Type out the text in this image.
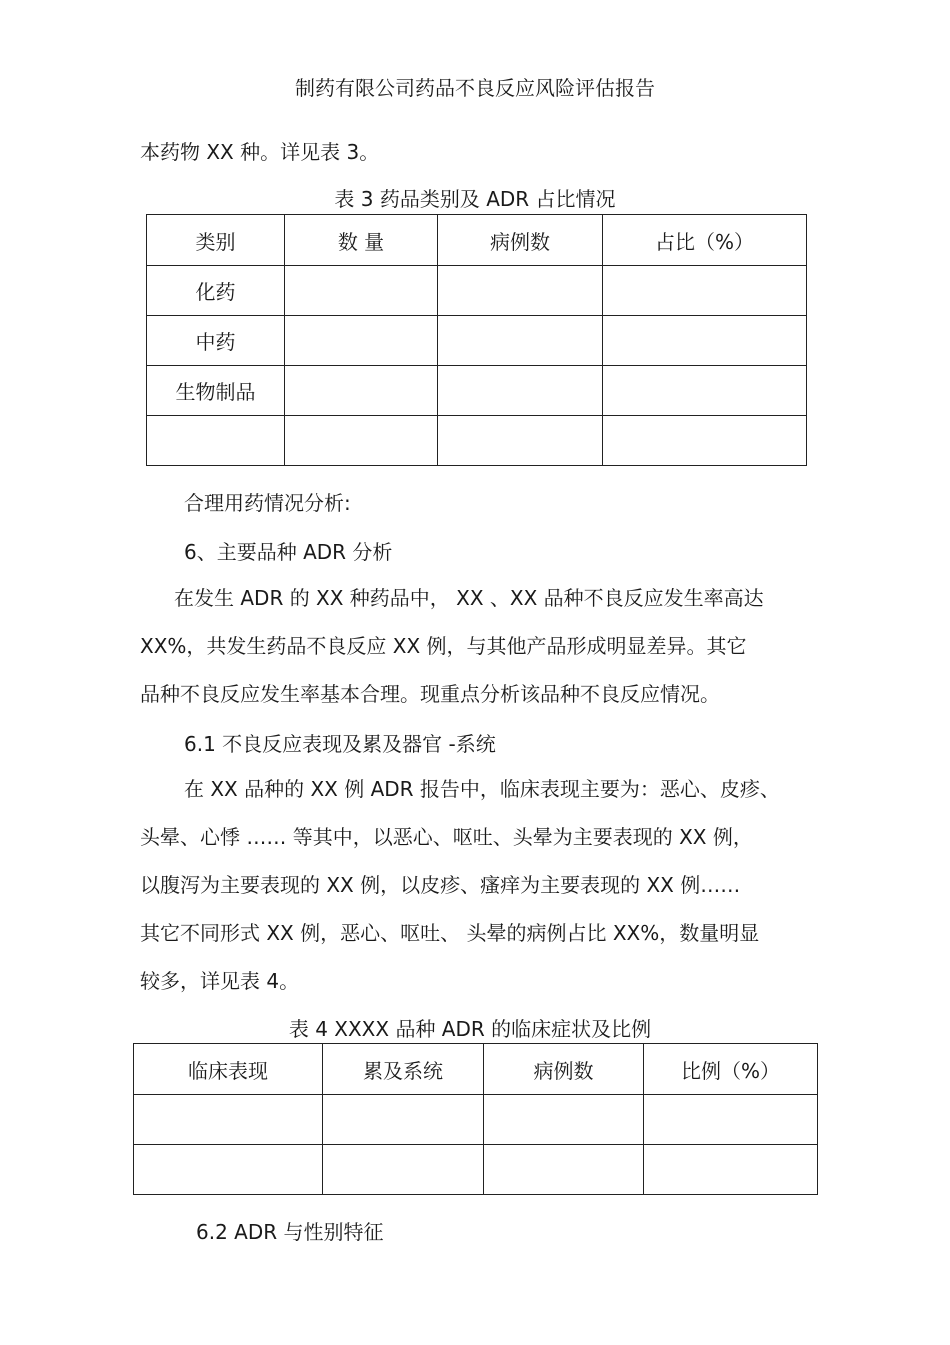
制药有限公司药品不良反应风险评估报告
本药物 XX 种。详见表 3。
表 3 药品类别及 ADR 占比情况
类别	数 量	病例数	占比（%）
化药			
中药			
生物制品			

合理用药情况分析:
6、主要品种 ADR 分析
在发生 ADR 的 XX 种药品中， XX 、XX 品种不良反应发生率高达
XX%，共发生药品不良反应 XX 例，与其他产品形成明显差异。其它
品种不良反应发生率基本合理。现重点分析该品种不良反应情况。
6.1 不良反应表现及累及器官 -系统
在 XX 品种的 XX 例 ADR 报告中，临床表现主要为：恶心、皮疹、
头晕、心悸 …… 等其中，以恶心、呕吐、头晕为主要表现的 XX 例，
以腹泻为主要表现的 XX 例，以皮疹、瘙痒为主要表现的 XX 例……
其它不同形式 XX 例，恶心、呕吐、 头晕的病例占比 XX%，数量明显
较多，详见表 4。
表 4 XXXX 品种 ADR 的临床症状及比例
临床表现	累及系统	病例数	比例（%）

6.2 ADR 与性别特征
